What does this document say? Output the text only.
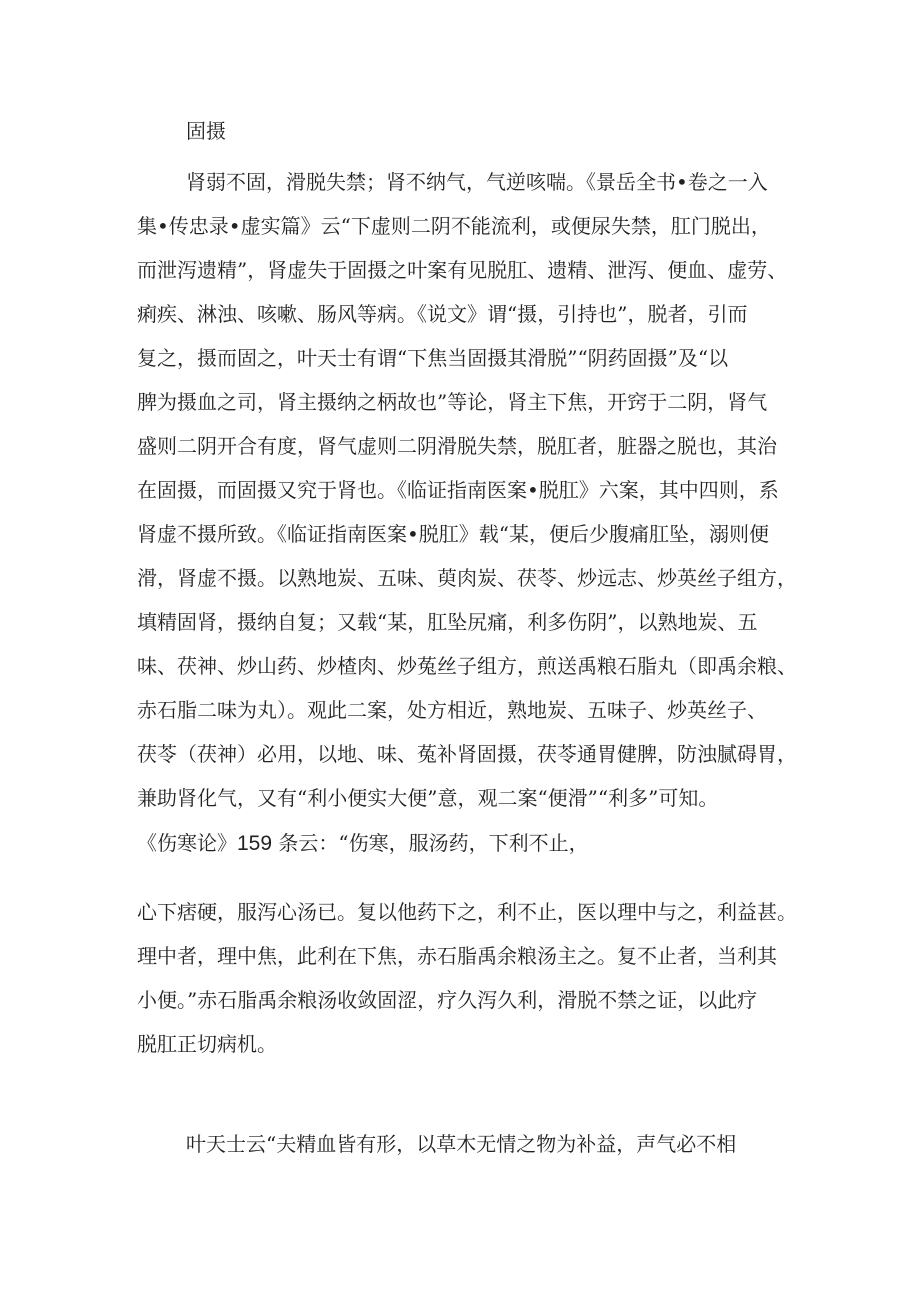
固摄
肾弱不固，滑脱失禁；肾不纳气，气逆咳喘。《景岳全书•卷之一入
集•传忠录•虚实篇》云“下虚则二阴不能流利，或便尿失禁，肛门脱出，
而泄泻遗精”，肾虚失于固摄之叶案有见脱肛、遗精、泄泻、便血、虚劳、
痢疾、淋浊、咳嗽、肠风等病。《说文》谓“摄，引持也”，脱者，引而
复之，摄而固之，叶天士有谓“下焦当固摄其滑脱”“阴药固摄”及“以
脾为摄血之司，肾主摄纳之柄故也”等论，肾主下焦，开窍于二阴，肾气
盛则二阴开合有度，肾气虚则二阴滑脱失禁，脱肛者，脏器之脱也，其治
在固摄，而固摄又究于肾也。《临证指南医案•脱肛》六案，其中四则，系
肾虚不摄所致。《临证指南医案•脱肛》载“某，便后少腹痛肛坠，溺则便
滑，肾虚不摄。以熟地炭、五味、萸肉炭、茯苓、炒远志、炒英丝子组方，
填精固肾，摄纳自复；又载“某，肛坠尻痛，利多伤阴”，以熟地炭、五
味、茯神、炒山药、炒楂肉、炒菟丝子组方，煎送禹粮石脂丸（即禹余粮、
赤石脂二味为丸）。观此二案，处方相近，熟地炭、五味子、炒英丝子、
茯苓（茯神）必用，以地、味、菟补肾固摄，茯苓通胃健脾，防浊腻碍胃，
兼助肾化气，又有“利小便实大便”意，观二案“便滑”“利多”可知。
《伤寒论》159 条云：“伤寒，服汤药，下利不止，
心下痞硬，服泻心汤已。复以他药下之，利不止，医以理中与之，利益甚。
理中者，理中焦，此利在下焦，赤石脂禹余粮汤主之。复不止者，当利其
小便。”赤石脂禹余粮汤收敛固涩，疗久泻久利，滑脱不禁之证，以此疗
脱肛正切病机。
叶天士云“夫精血皆有形，以草木无情之物为补益，声气必不相
